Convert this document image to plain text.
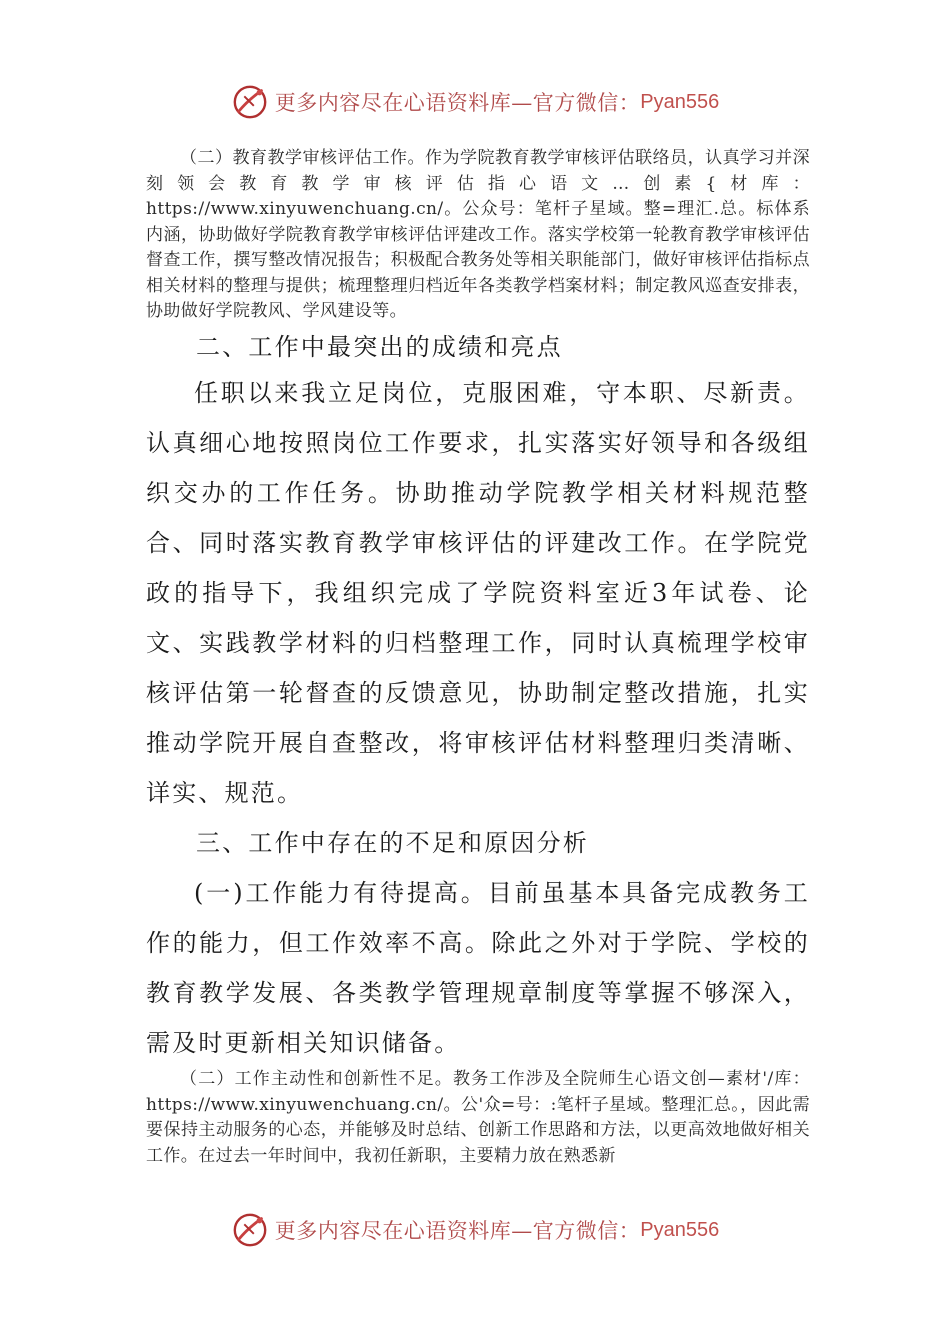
更多内容尽在心语资料库—官方微信： Pyan556
（二）教育教学审核评估工作。作为学院教育教学审核评估联络员，认真学习并深刻领会教育教学审核评估指心语文…创素{材库：https://www.xinyuwenchuang.cn/。公众号：笔杆子星域。整=理汇.总。标体系内涵，协助做好学院教育教学审核评估评建改工作。落实学校第一轮教育教学审核评估督查工作，撰写整改情况报告；积极配合教务处等相关职能部门，做好审核评估指标点相关材料的整理与提供；梳理整理归档近年各类教学档案材料；制定教风巡查安排表，协助做好学院教风、学风建设等。
二、工作中最突出的成绩和亮点
任职以来我立足岗位，克服困难，守本职、尽新责。认真细心地按照岗位工作要求，扎实落实好领导和各级组织交办的工作任务。协助推动学院教学相关材料规范整合、同时落实教育教学审核评估的评建改工作。在学院党政的指导下，我组织完成了学院资料室近3年试卷、论文、实践教学材料的归档整理工作，同时认真梳理学校审核评估第一轮督查的反馈意见，协助制定整改措施，扎实推动学院开展自查整改，将审核评估材料整理归类清晰、详实、规范。
三、工作中存在的不足和原因分析
(一)工作能力有待提高。目前虽基本具备完成教务工作的能力，但工作效率不高。除此之外对于学院、学校的教育教学发展、各类教学管理规章制度等掌握不够深入，需及时更新相关知识储备。
（二）工作主动性和创新性不足。教务工作涉及全院师生心语文创—素材'/库：https://www.xinyuwenchuang.cn/。公'众=号：:笔杆子星域。整理汇总。，因此需要保持主动服务的心态，并能够及时总结、创新工作思路和方法，以更高效地做好相关工作。在过去一年时间中，我初任新职，主要精力放在熟悉新
更多内容尽在心语资料库—官方微信： Pyan556
